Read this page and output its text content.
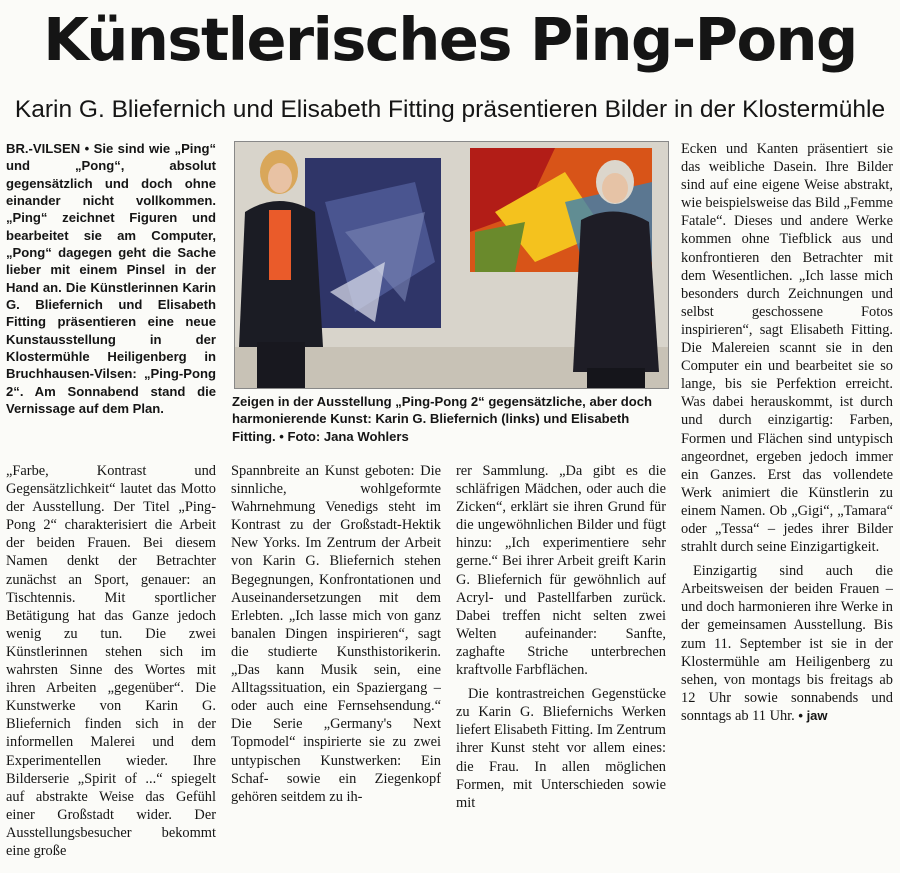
Künstlerisches Ping-Pong
Karin G. Bliefernich und Elisabeth Fitting präsentieren Bilder in der Klostermühle

BR.-VILSEN • Sie sind wie „Ping“ und „Pong“, absolut gegensätzlich und doch ohne einander nicht vollkommen. „Ping“ zeichnet Figuren und bearbeitet sie am Computer, „Pong“ dagegen geht die Sache lieber mit einem Pinsel in der Hand an. Die Künstlerinnen Karin G. Bliefernich und Elisabeth Fitting präsentieren eine neue Kunstausstellung in der Klostermühle Heiligenberg in Bruchhausen-Vilsen: „Ping-Pong 2“. Am Sonnabend stand die Vernissage auf dem Plan.	Zeigen in der Ausstellung „Ping-Pong 2“ gegensätzliche, aber doch harmonierende Kunst: Karin G. Bliefernich (links) und Elisabeth Fitting. • Foto: Jana Wohlers

„Farbe, Kontrast und Gegensätzlichkeit“ lautet das Motto der Ausstellung. Der Titel „Ping-Pong 2“ charakterisiert die Arbeit der beiden Frauen. Bei diesem Namen denkt der Betrachter zunächst an Sport, genauer: an Tischtennis. Mit sportlicher Betätigung hat das Ganze jedoch wenig zu tun. Die zwei Künstlerinnen stehen sich im wahrsten Sinne des Wortes mit ihren Arbeiten „gegenüber“. Die Kunstwerke von Karin G. Bliefernich finden sich in der informellen Malerei und dem Experimentellen wieder. Ihre Bilderserie „Spirit of ...“ spiegelt auf abstrakte Weise das Gefühl einer Großstadt wider. Der Ausstellungsbesucher bekommt eine große

Spannbreite an Kunst geboten: Die sinnliche, wohlgeformte Wahrnehmung Venedigs steht im Kontrast zu der Großstadt-Hektik New Yorks. Im Zentrum der Arbeit von Karin G. Bliefernich stehen Begegnungen, Konfrontationen und Auseinandersetzungen mit dem Erlebten. „Ich lasse mich von ganz banalen Dingen inspirieren“, sagt die studierte Kunsthistorikerin. „Das kann Musik sein, eine Alltagssituation, ein Spaziergang – oder auch eine Fernsehsendung.“ Die Serie „Germany's Next Topmodel“ inspirierte sie zu zwei untypischen Kunstwerken: Ein Schaf- sowie ein Ziegenkopf gehören seitdem zu ih-

rer Sammlung. „Da gibt es die schläfrigen Mädchen, oder auch die Zicken“, erklärt sie ihren Grund für die ungewöhnlichen Bilder und fügt hinzu: „Ich experimentiere sehr gerne.“ Bei ihrer Arbeit greift Karin G. Bliefernich für gewöhnlich auf Acryl- und Pastellfarben zurück. Dabei treffen nicht selten zwei Welten aufeinander: Sanfte, zaghafte Striche unterbrechen kraftvolle Farbflächen.

Die kontrastreichen Gegenstücke zu Karin G. Bliefernichs Werken liefert Elisabeth Fitting. Im Zentrum ihrer Kunst steht vor allem eines: die Frau. In allen möglichen Formen, mit Unterschieden sowie mit

Ecken und Kanten präsentiert sie das weibliche Dasein. Ihre Bilder sind auf eine eigene Weise abstrakt, wie beispielsweise das Bild „Femme Fatale“. Dieses und andere Werke kommen ohne Tiefblick aus und konfrontieren den Betrachter mit dem Wesentlichen. „Ich lasse mich besonders durch Zeichnungen und selbst geschossene Fotos inspirieren“, sagt Elisabeth Fitting. Die Malereien scannt sie in den Computer ein und bearbeitet sie so lange, bis sie Perfektion erreicht. Was dabei herauskommt, ist durch und durch einzigartig: Farben, Formen und Flächen sind untypisch angeordnet, ergeben jedoch immer ein Ganzes. Erst das vollendete Werk animiert die Künstlerin zu einem Namen. Ob „Gigi“, „Tamara“ oder „Tessa“ – jedes ihrer Bilder strahlt durch seine Einzigartigkeit.

Einzigartig sind auch die Arbeitsweisen der beiden Frauen – und doch harmonieren ihre Werke in der gemeinsamen Ausstellung. Bis zum 11. September ist sie in der Klostermühle am Heiligenberg zu sehen, von montags bis freitags ab 12 Uhr sowie sonnabends und sonntags ab 11 Uhr. • jaw
